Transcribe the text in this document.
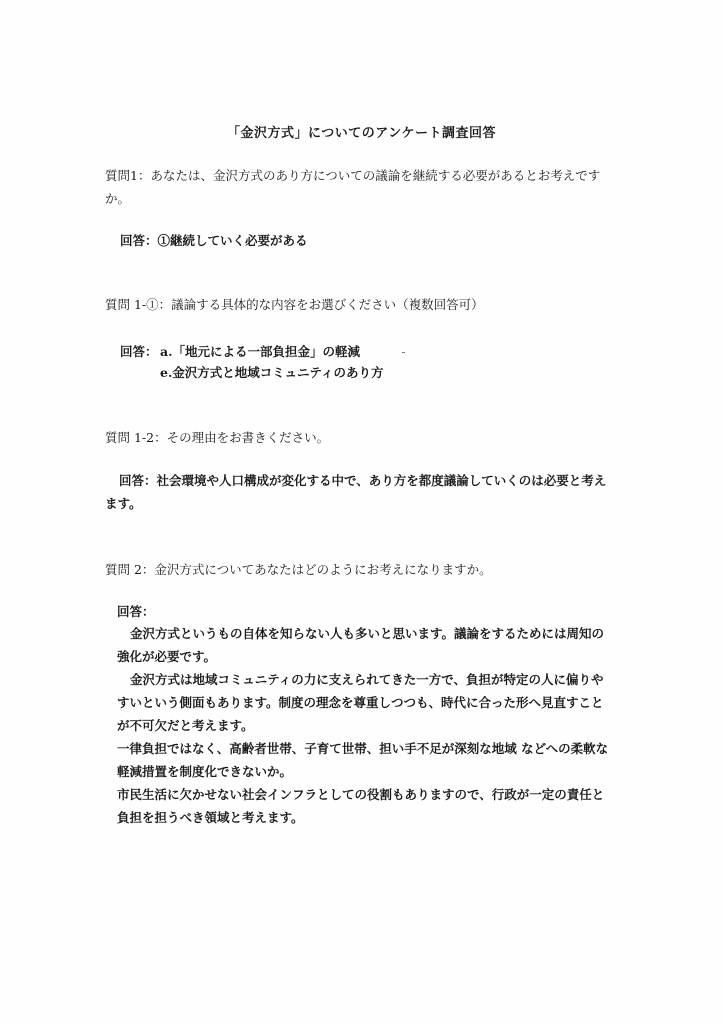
「金沢方式」についてのアンケート調査回答
質問1：あなたは、金沢方式のあり方についての議論を継続する必要があるとお考えです
か。
回答：①継続していく必要がある
質問 1-①：議論する具体的な内容をお選びください（複数回答可）
回答： a.「地元による一部負担金」の軽減
e.金沢方式と地域コミュニティのあり方
質問 1-2：その理由をお書きください。
回答：社会環境や人口構成が変化する中で、あり方を都度議論していくのは必要と考え
ます。
質問 2：金沢方式についてあなたはどのようにお考えになりますか。
回答：
金沢方式というもの自体を知らない人も多いと思います。議論をするためには周知の
強化が必要です。
金沢方式は地域コミュニティの力に支えられてきた一方で、負担が特定の人に偏りや
すいという側面もあります。制度の理念を尊重しつつも、時代に合った形へ見直すこと
が不可欠だと考えます。
一律負担ではなく、高齢者世帯、子育て世帯、担い手不足が深刻な地域 などへの柔軟な
軽減措置を制度化できないか。
市民生活に欠かせない社会インフラとしての役割もありますので、行政が一定の責任と
負担を担うべき領域と考えます。
